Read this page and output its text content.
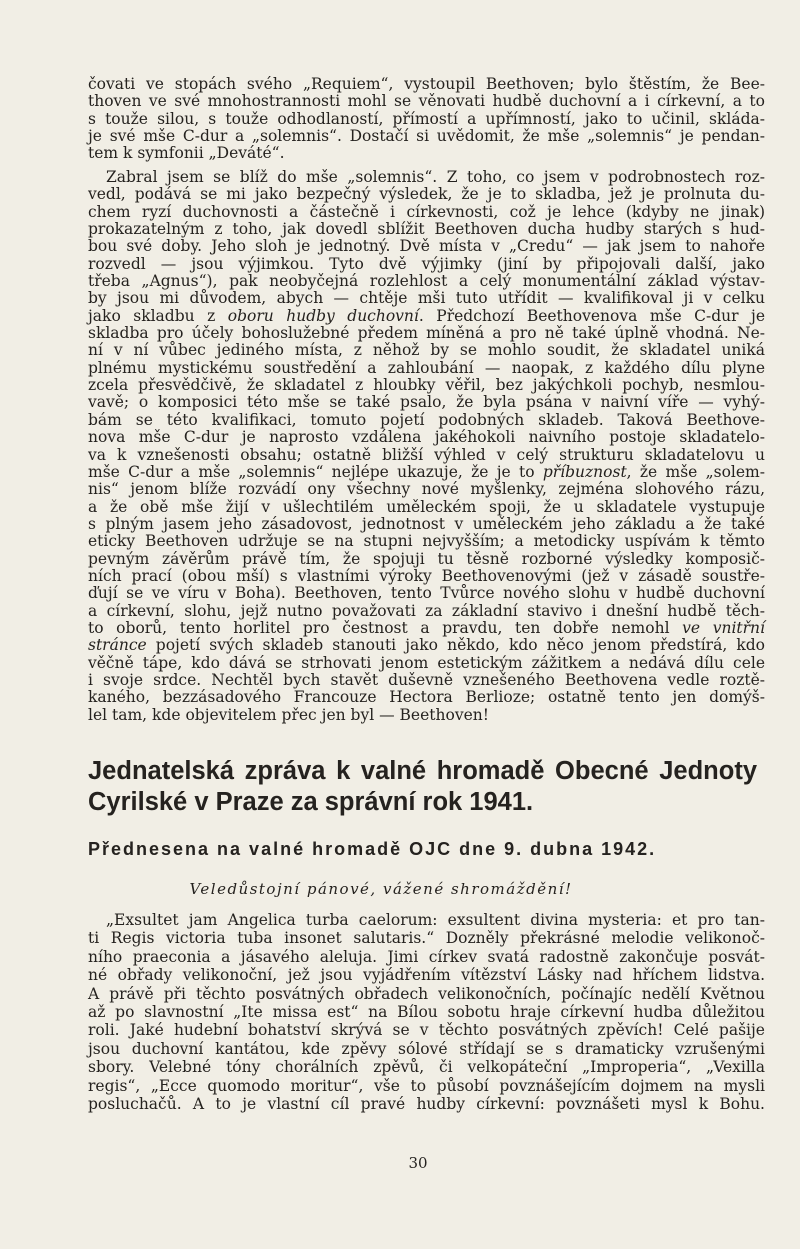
čovati ve stopách svého „Requiem“, vystoupil Beethoven; bylo štěstím, že Bee-
thoven ve své mnohostrannosti mohl se věnovati hudbě duchovní a i církevní, a to
s touže silou, s touže odhodlaností, přímostí a upřímností, jako to učinil, skláda-
je své mše C-dur a „solemnis“. Dostačí si uvědomit, že mše „solemnis“ je pendan-
tem k symfonii „Deváté“.
Zabral jsem se blíž do mše „solemnis“. Z toho, co jsem v podrobnostech roz-
vedl, podává se mi jako bezpečný výsledek, že je to skladba, jež je prolnuta du-
chem ryzí duchovnosti a částečně i církevnosti, což je lehce (kdyby ne jinak)
prokazatelným z toho, jak dovedl sblížit Beethoven ducha hudby starých s hud-
bou své doby. Jeho sloh je jednotný. Dvě místa v „Credu“ — jak jsem to nahoře
rozvedl — jsou výjimkou. Tyto dvě výjimky (jiní by připojovali další, jako
třeba „Agnus“), pak neobyčejná rozlehlost a celý monumentální základ výstav-
by jsou mi důvodem, abych — chtěje mši tuto utřídit — kvalifikoval ji v celku
jako skladbu z oboru hudby duchovní. Předchozí Beethovenova mše C-dur je
skladba pro účely bohoslužebné předem míněná a pro ně také úplně vhodná. Ne-
ní v ní vůbec jediného místa, z něhož by se mohlo soudit, že skladatel uniká
plnému mystickému soustředění a zahloubání — naopak, z každého dílu plyne
zcela přesvědčivě, že skladatel z hloubky věřil, bez jakýchkoli pochyb, nesmlou-
vavě; o komposici této mše se také psalo, že byla psána v naivní víře — vyhý-
bám se této kvalifikaci, tomuto pojetí podobných skladeb. Taková Beethove-
nova mše C-dur je naprosto vzdálena jakéhokoli naivního postoje skladatelo-
va k vznešenosti obsahu; ostatně bližší výhled v celý strukturu skladatelovu u
mše C-dur a mše „solemnis“ nejlépe ukazuje, že je to příbuznost, že mše „solem-
nis“ jenom blíže rozvádí ony všechny nové myšlenky, zejména slohového rázu,
a že obě mše žijí v ušlechtilém uměleckém spoji, že u skladatele vystupuje
s plným jasem jeho zásadovost, jednotnost v uměleckém jeho základu a že také
eticky Beethoven udržuje se na stupni nejvyšším; a metodicky uspívám k těmto
pevným závěrům právě tím, že spojuji tu těsně rozborné výsledky komposič-
ních prací (obou mší) s vlastními výroky Beethovenovými (jež v zásadě soustře-
ďují se ve víru v Boha). Beethoven, tento Tvůrce nového slohu v hudbě duchovní
a církevní, slohu, jejž nutno považovati za základní stavivo i dnešní hudbě těch-
to oborů, tento horlitel pro čestnost a pravdu, ten dobře nemohl ve vnitřní
stránce pojetí svých skladeb stanouti jako někdo, kdo něco jenom předstírá, kdo
věčně tápe, kdo dává se strhovati jenom estetickým zážitkem a nedává dílu cele
i svoje srdce. Nechtěl bych stavět duševně vznešeného Beethovena vedle roztě-
kaného, bezzásadového Francouze Hectora Berlioze; ostatně tento jen domýš-
lel tam, kde objevitelem přec jen byl — Beethoven!
Jednatelská zpráva k valné hromadě Obecné Jednoty
Cyrilské v Praze za správní rok 1941.
Přednesena na valné hromadě OJC dne 9. dubna 1942.
Veledůstojní pánové, vážené shromáždění!
„Exsultet jam Angelica turba caelorum: exsultent divina mysteria: et pro tan-
ti Regis victoria tuba insonet salutaris.“ Dozněly překrásné melodie velikonoč-
ního praeconia a jásavého aleluja. Jimi církev svatá radostně zakončuje posvát-
né obřady velikonoční, jež jsou vyjádřením vítězství Lásky nad hříchem lidstva.
A právě při těchto posvátných obřadech velikonočních, počínajíc nedělí Květnou
až po slavnostní „Ite missa est“ na Bílou sobotu hraje církevní hudba důležitou
roli. Jaké hudební bohatství skrývá se v těchto posvátných zpěvích! Celé pašije
jsou duchovní kantátou, kde zpěvy sólové střídají se s dramaticky vzrušenými
sbory. Velebné tóny chorálních zpěvů, či velkopáteční „Improperia“, „Vexilla
regis“, „Ecce quomodo moritur“, vše to působí povznášejícím dojmem na mysli
posluchačů. A to je vlastní cíl pravé hudby církevní: povznášeti mysl k Bohu.
30
